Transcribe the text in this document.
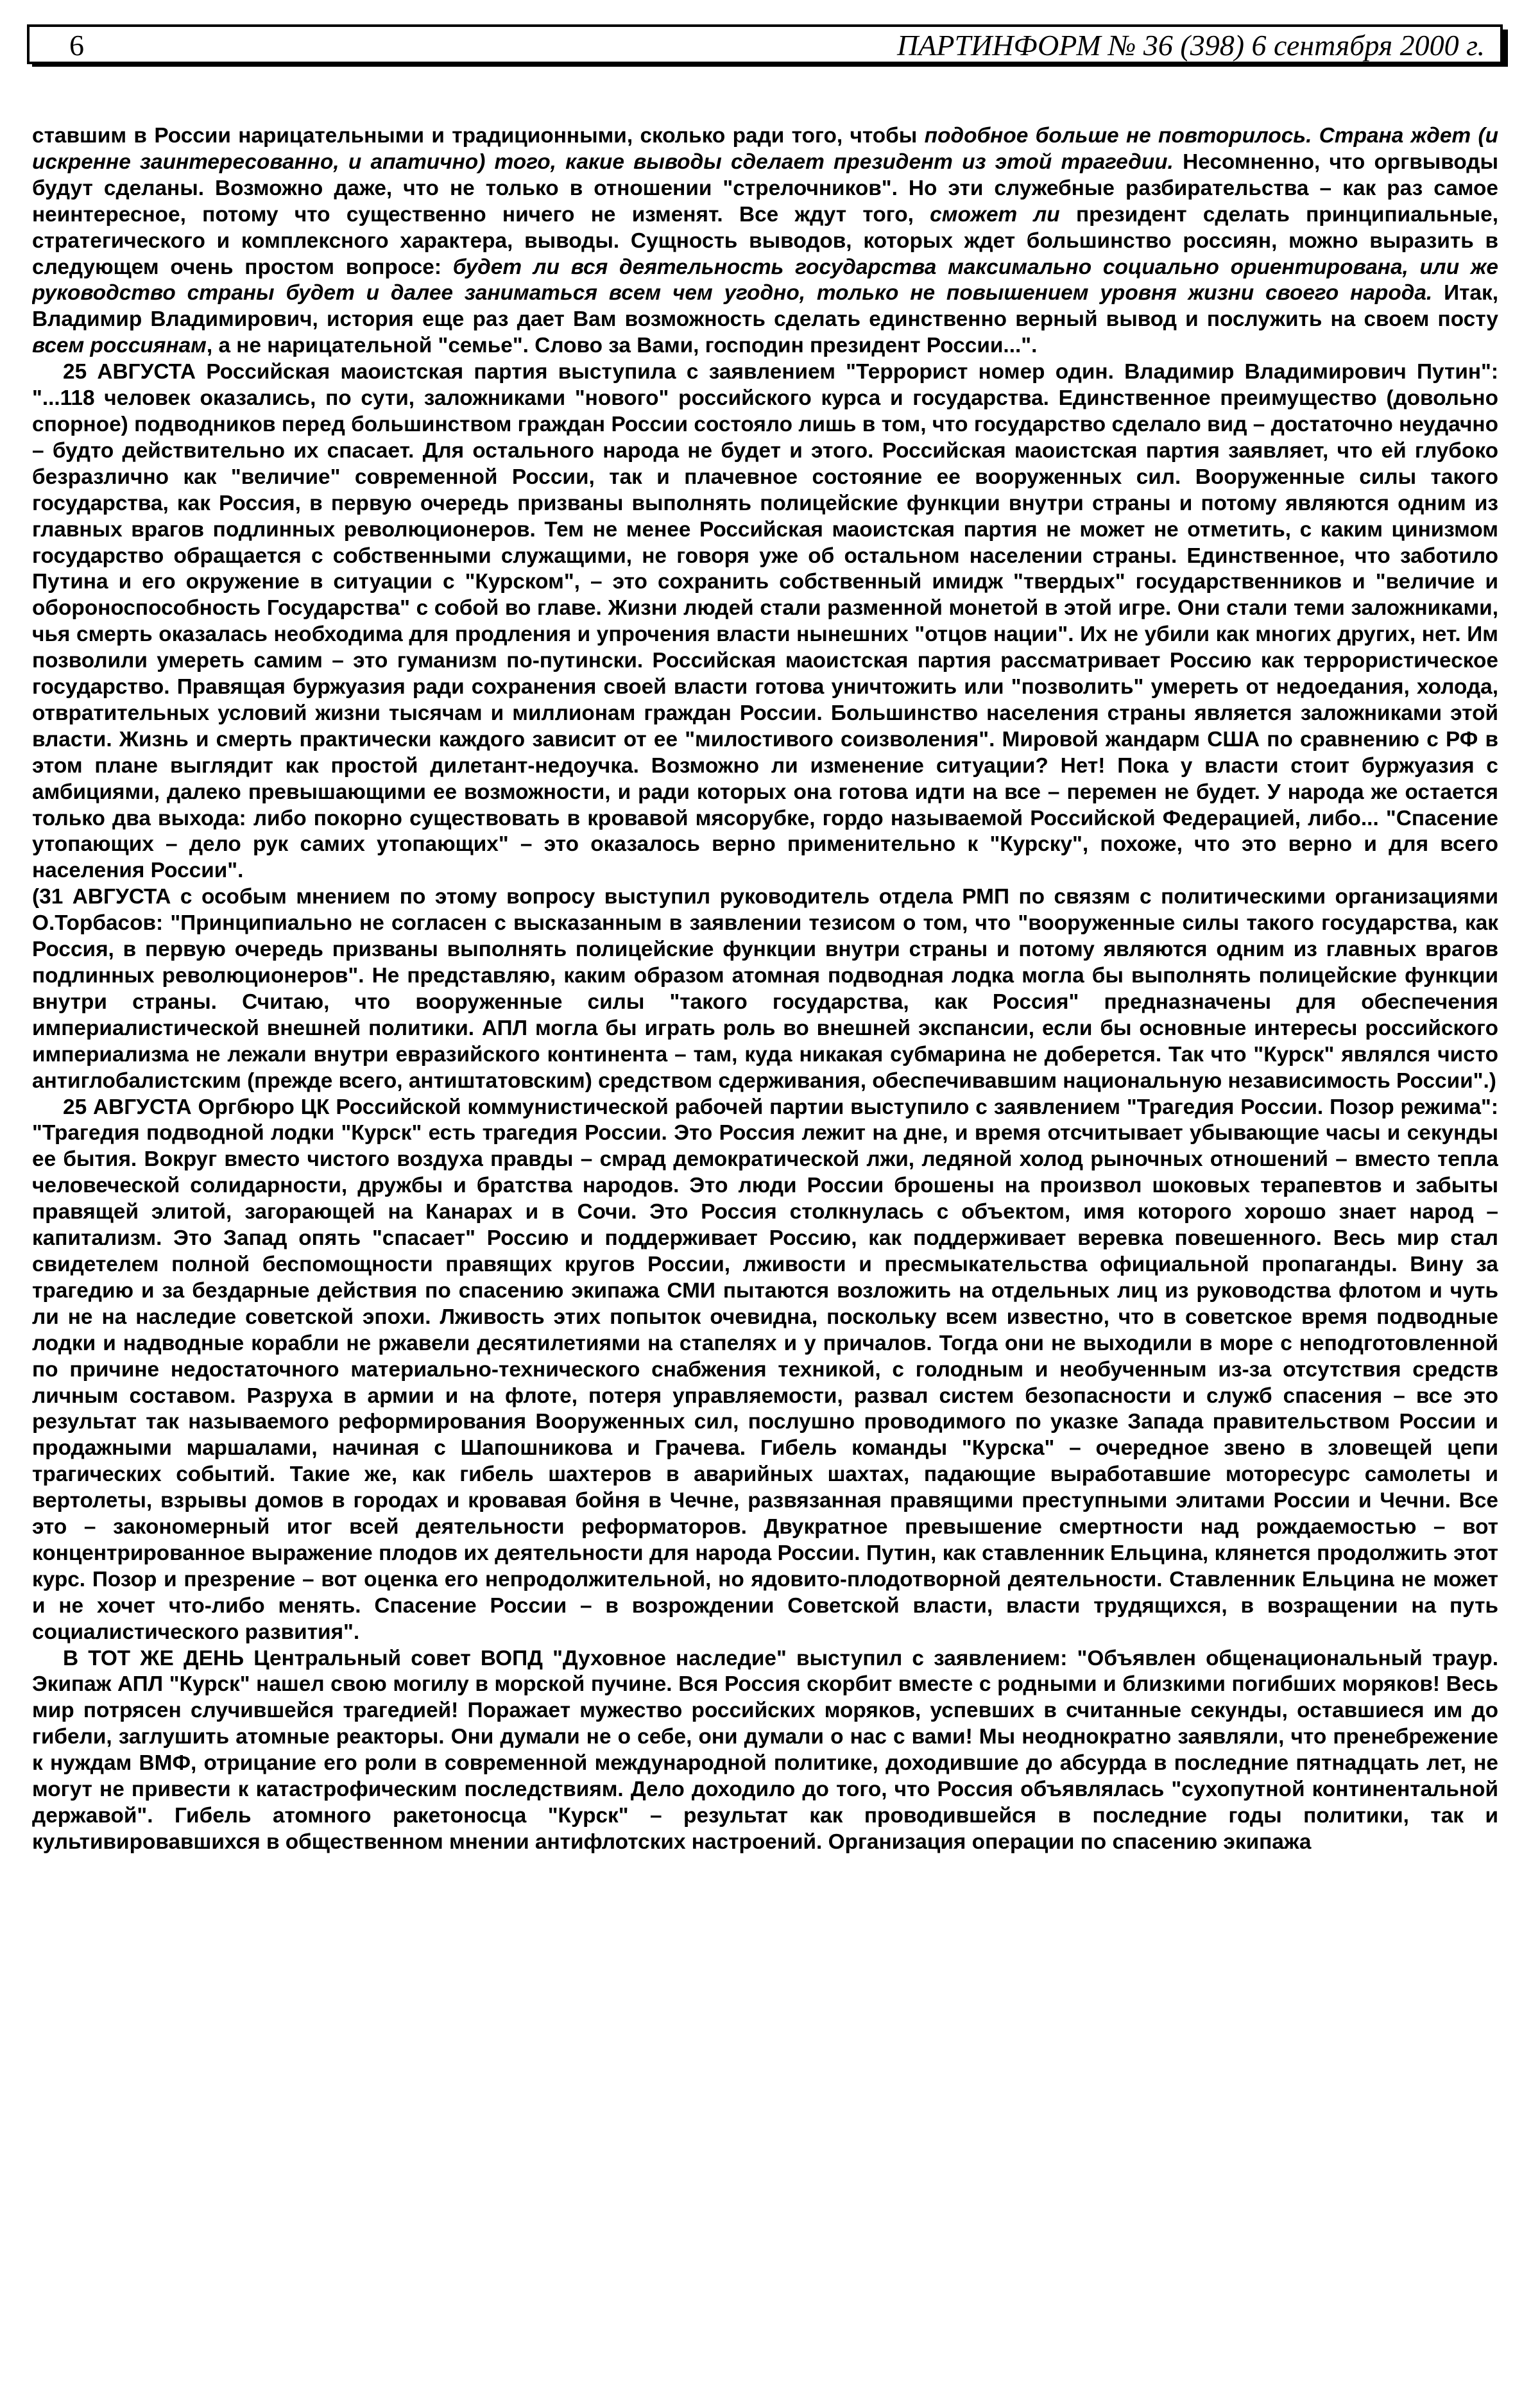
6	ПАРТИНФОРМ № 36 (398) 6 сентября 2000 г.

ставшим в России нарицательными и традиционными, сколько ради того, чтобы подобное больше не повторилось. Страна ждет (и искренне заинтересованно, и апатично) того, какие выводы сделает президент из этой трагедии. Несомненно, что оргвыводы будут сделаны. Возможно даже, что не только в отношении "стрелочников". Но эти служебные разбирательства – как раз самое неинтересное, потому что существенно ничего не изменят. Все ждут того, сможет ли президент сделать принципиальные, стратегического и комплексного характера, выводы. Сущность выводов, которых ждет большинство россиян, можно выразить в следующем очень простом вопросе: будет ли вся деятельность государства максимально социально ориентирована, или же руководство страны будет и далее заниматься всем чем угодно, только не повышением уровня жизни своего народа. Итак, Владимир Владимирович, история еще раз дает Вам возможность сделать единственно верный вывод и послужить на своем посту всем россиянам, а не нарицательной "семье". Слово за Вами, господин президент России...".

25 АВГУСТА Российская маоистская партия выступила с заявлением "Террорист номер один. Владимир Владимирович Путин": "...118 человек оказались, по сути, заложниками "нового" российского курса и государства. Единственное преимущество (довольно спорное) подводников перед большинством граждан России состояло лишь в том, что государство сделало вид – достаточно неудачно – будто действительно их спасает. Для остального народа не будет и этого. Российская маоистская партия заявляет, что ей глубоко безразлично как "величие" современной России, так и плачевное состояние ее вооруженных сил. Вооруженные силы такого государства, как Россия, в первую очередь призваны выполнять полицейские функции внутри страны и потому являются одним из главных врагов подлинных революционеров. Тем не менее Российская маоистская партия не может не отметить, с каким цинизмом государство обращается с собственными служащими, не говоря уже об остальном населении страны. Единственное, что заботило Путина и его окружение в ситуации с "Курском", – это сохранить собственный имидж "твердых" государственников и "величие и обороноспособность Государства" с собой во главе. Жизни людей стали разменной монетой в этой игре. Они стали теми заложниками, чья смерть оказалась необходима для продления и упрочения власти нынешних "отцов нации". Их не убили как многих других, нет. Им позволили умереть самим – это гуманизм по-путински. Российская маоистская партия рассматривает Россию как террористическое государство. Правящая буржуазия ради сохранения своей власти готова уничтожить или "позволить" умереть от недоедания, холода, отвратительных условий жизни тысячам и миллионам граждан России. Большинство населения страны является заложниками этой власти. Жизнь и смерть практически каждого зависит от ее "милостивого соизволения". Мировой жандарм США по сравнению с РФ в этом плане выглядит как простой дилетант-недоучка. Возможно ли изменение ситуации? Нет! Пока у власти стоит буржуазия с амбициями, далеко превышающими ее возможности, и ради которых она готова идти на все – перемен не будет. У народа же остается только два выхода: либо покорно существовать в кровавой мясорубке, гордо называемой Российской Федерацией, либо... "Спасение утопающих – дело рук самих утопающих" – это оказалось верно применительно к "Курску", похоже, что это верно и для всего населения России".

(31 АВГУСТА с особым мнением по этому вопросу выступил руководитель отдела РМП по связям с политическими организациями О.Торбасов: "Принципиально не согласен с высказанным в заявлении тезисом о том, что "вооруженные силы такого государства, как Россия, в первую очередь призваны выполнять полицейские функции внутри страны и потому являются одним из главных врагов подлинных революционеров". Не представляю, каким образом атомная подводная лодка могла бы выполнять полицейские функции внутри страны. Считаю, что вооруженные силы "такого государства, как Россия" предназначены для обеспечения империалистической внешней политики. АПЛ могла бы играть роль во внешней экспансии, если бы основные интересы российского империализма не лежали внутри евразийского континента – там, куда никакая субмарина не доберется. Так что "Курск" являлся чисто антиглобалистским (прежде всего, антиштатовским) средством сдерживания, обеспечивавшим национальную независимость России".)

25 АВГУСТА Оргбюро ЦК Российской коммунистической рабочей партии выступило с заявлением "Трагедия России. Позор режима": "Трагедия подводной лодки "Курск" есть трагедия России. Это Россия лежит на дне, и время отсчитывает убывающие часы и секунды ее бытия. Вокруг вместо чистого воздуха правды – смрад демократической лжи, ледяной холод рыночных отношений – вместо тепла человеческой солидарности, дружбы и братства народов. Это люди России брошены на произвол шоковых терапевтов и забыты правящей элитой, загорающей на Канарах и в Сочи. Это Россия столкнулась с объектом, имя которого хорошо знает народ – капитализм. Это Запад опять "спасает" Россию и поддерживает Россию, как поддерживает веревка повешенного. Весь мир стал свидетелем полной беспомощности правящих кругов России, лживости и пресмыкательства официальной пропаганды. Вину за трагедию и за бездарные действия по спасению экипажа СМИ пытаются возложить на отдельных лиц из руководства флотом и чуть ли не на наследие советской эпохи. Лживость этих попыток очевидна, поскольку всем известно, что в советское время подводные лодки и надводные корабли не ржавели десятилетиями на стапелях и у причалов. Тогда они не выходили в море с неподготовленной по причине недостаточного материально-технического снабжения техникой, с голодным и необученным из-за отсутствия средств личным составом. Разруха в армии и на флоте, потеря управляемости, развал систем безопасности и служб спасения – все это результат так называемого реформирования Вооруженных сил, послушно проводимого по указке Запада правительством России и продажными маршалами, начиная с Шапошникова и Грачева. Гибель команды "Курска" – очередное звено в зловещей цепи трагических событий. Такие же, как гибель шахтеров в аварийных шахтах, падающие выработавшие моторесурс самолеты и вертолеты, взрывы домов в городах и кровавая бойня в Чечне, развязанная правящими преступными элитами России и Чечни. Все это – закономерный итог всей деятельности реформаторов. Двукратное превышение смертности над рождаемостью – вот концентрированное выражение плодов их деятельности для народа России. Путин, как ставленник Ельцина, клянется продолжить этот курс. Позор и презрение – вот оценка его непродолжительной, но ядовито-плодотворной деятельности. Ставленник Ельцина не может и не хочет что-либо менять. Спасение России – в возрождении Советской власти, власти трудящихся, в возращении на путь социалистического развития".

В ТОТ ЖЕ ДЕНЬ Центральный совет ВОПД "Духовное наследие" выступил с заявлением: "Объявлен общенациональный траур. Экипаж АПЛ "Курск" нашел свою могилу в морской пучине. Вся Россия скорбит вместе с родными и близкими погибших моряков! Весь мир потрясен случившейся трагедией! Поражает мужество российских моряков, успевших в считанные секунды, оставшиеся им до гибели, заглушить атомные реакторы. Они думали не о себе, они думали о нас с вами! Мы неоднократно заявляли, что пренебрежение к нуждам ВМФ, отрицание его роли в современной международной политике, доходившие до абсурда в последние пятнадцать лет, не могут не привести к катастрофическим последствиям. Дело доходило до того, что Россия объявлялась "сухопутной континентальной державой". Гибель атомного ракетоносца "Курск" – результат как проводившейся в последние годы политики, так и культивировавшихся в общественном мнении антифлотских настроений. Организация операции по спасению экипажа
